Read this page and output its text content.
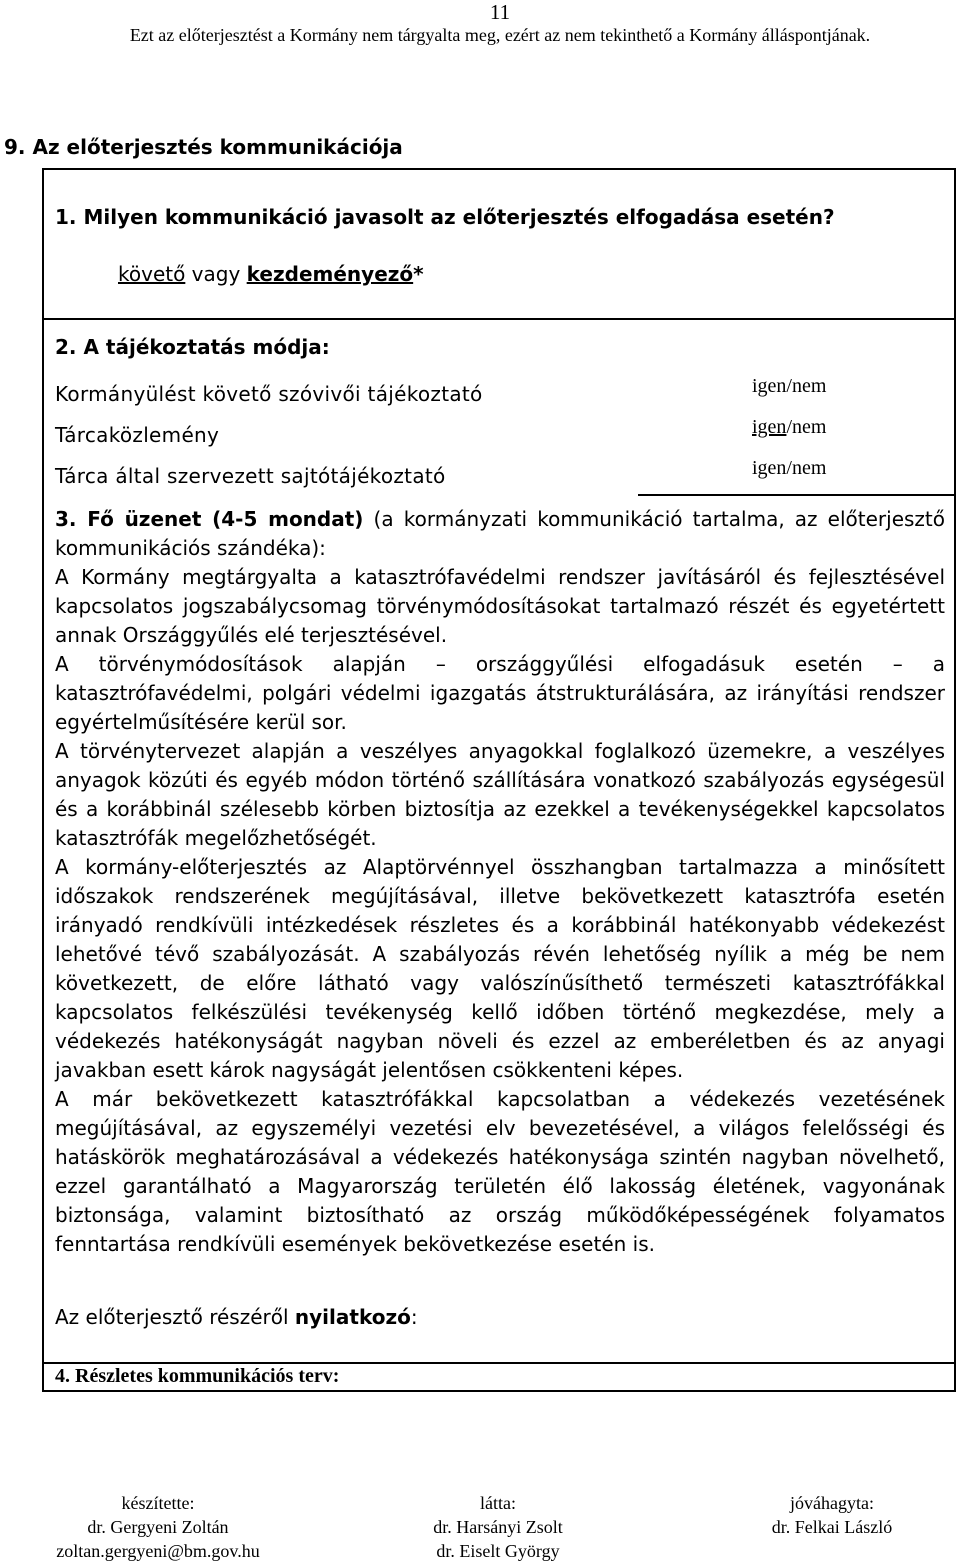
11
Ezt az előterjesztést a Kormány nem tárgyalta meg, ezért az nem tekinthető a Kormány álláspontjának.
9. Az előterjesztés kommunikációja
1. Milyen kommunikáció javasolt az előterjesztés elfogadása esetén?
követő vagy kezdeményező*
2. A tájékoztatás módja:
Kormányülést követő szóvivői tájékoztató	igen/nem
Tárcaközlemény	igen/nem
Tárca által szervezett sajtótájékoztató	igen/nem

3. Fő üzenet (4-5 mondat) (a kormányzati kommunikáció tartalma, az előterjesztő kommunikációs szándéka):

A Kormány megtárgyalta a katasztrófavédelmi rendszer javításáról és fejlesztésével kapcsolatos jogszabálycsomag törvénymódosításokat tartalmazó részét és egyetértett annak Országgyűlés elé terjesztésével.

A törvénymódosítások alapján – országgyűlési elfogadásuk esetén – a katasztrófavédelmi, polgári védelmi igazgatás átstrukturálására, az irányítási rendszer egyértelműsítésére kerül sor.

A törvénytervezet alapján a veszélyes anyagokkal foglalkozó üzemekre, a veszélyes anyagok közúti és egyéb módon történő szállítására vonatkozó szabályozás egységesül és a korábbinál szélesebb körben biztosítja az ezekkel a tevékenységekkel kapcsolatos katasztrófák megelőzhetőségét.

A kormány-előterjesztés az Alaptörvénnyel összhangban tartalmazza a minősített időszakok rendszerének megújításával, illetve bekövetkezett katasztrófa esetén irányadó rendkívüli intézkedések részletes és a korábbinál hatékonyabb védekezést lehetővé tévő szabályozását. A szabályozás révén lehetőség nyílik a még be nem következett, de előre látható vagy valószínűsíthető természeti katasztrófákkal kapcsolatos felkészülési tevékenység kellő időben történő megkezdése, mely a védekezés hatékonyságát nagyban növeli és ezzel az emberéletben és az anyagi javakban esett károk nagyságát jelentősen csökkenteni képes.

A már bekövetkezett katasztrófákkal kapcsolatban a védekezés vezetésének megújításával, az egyszemélyi vezetési elv bevezetésével, a világos felelősségi és hatáskörök meghatározásával a védekezés hatékonysága szintén nagyban növelhető, ezzel garantálható a Magyarország területén élő lakosság életének, vagyonának biztonsága, valamint biztosítható az ország működőképességének folyamatos fenntartása rendkívüli események bekövetkezése esetén is.

Az előterjesztő részéről nyilatkozó:
4. Részletes kommunikációs terv:
készítette:
dr. Gergyeni Zoltán
zoltan.gergyeni@bm.gov.hu
látta:
dr. Harsányi Zsolt
dr. Eiselt György
jóváhagyta:
dr. Felkai László
